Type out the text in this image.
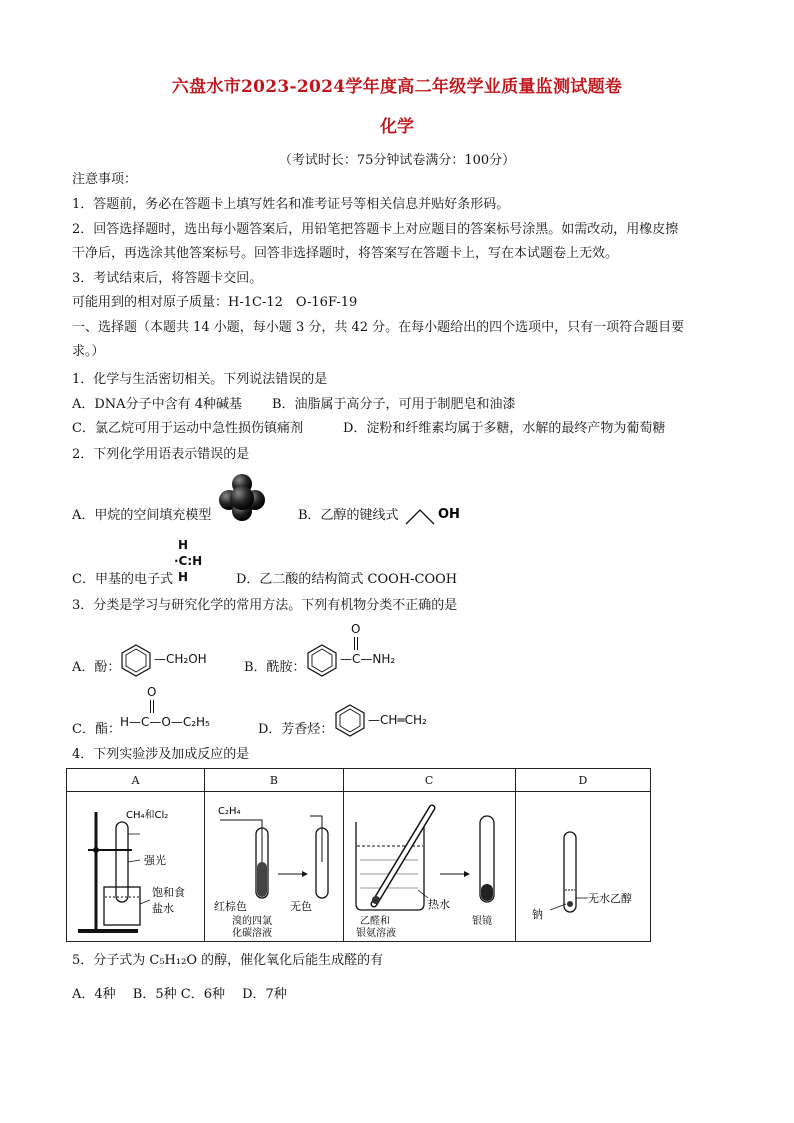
六盘水市2023-2024学年度高二年级学业质量监测试题卷
化学
（考试时长：75分钟试卷满分：100分）
注意事项：
1．答题前，务必在答题卡上填写姓名和准考证号等相关信息并贴好条形码。
2．回答选择题时，选出每小题答案后，用铅笔把答题卡上对应题目的答案标号涂黑。如需改动，用橡皮擦
干净后，再选涂其他答案标号。回答非选择题时，将答案写在答题卡上，写在本试题卷上无效。
3．考试结束后，将答题卡交回。
可能用到的相对原子质量：H-1C-12　O-16F-19
一、选择题（本题共 14 小题，每小题 3 分，共 42 分。在每小题给出的四个选项中，只有一项符合题目要
求。）
1．化学与生活密切相关。下列说法错误的是
A．DNA分子中含有 4种碱基 B．油脂属于高分子，可用于制肥皂和油漆
C．氯乙烷可用于运动中急性损伤镇痛剂	D．淀粉和纤维素均属于多糖，水解的最终产物为葡萄糖
2．下列化学用语表示错误的是
A．甲烷的空间填充模型	B．乙醇的键线式	OH
H
·C:H
H
C．甲基的电子式	D．乙二酸的结构简式 COOH-COOH
3．分类是学习与研究化学的常用方法。下列有机物分类不正确的是
A．酚：
—CH₂OH
B．酰胺：
O
—C—NH₂
O
H—C—O—C₂H₅
C．酯：	D．芳香烃：
—CH═CH₂
4．下列实验涉及加成反应的是
A	B	C	D

CH₄和Cl₂
强光
饱和食
盐水	C₂H₄
红棕色 无色
溴的四氯
化碳溶液	热水
乙醛和
银氨溶液
银镜	钠
无水乙醇
5．分子式为 C₅H₁₂O 的醇，催化氧化后能生成醛的有
A．4种　 B．5种 C．6种　 D．7种
